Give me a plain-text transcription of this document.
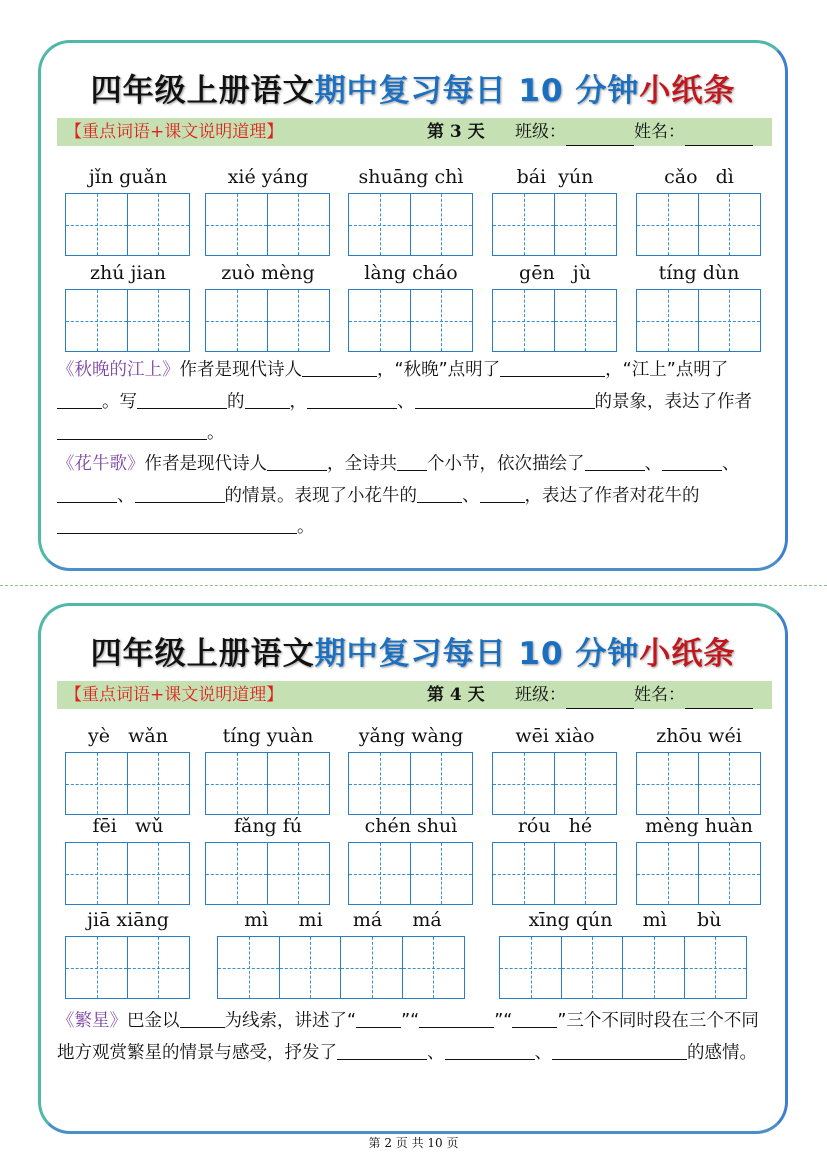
四年级上册语文期中复习每日 10 分钟小纸条
【重点词语+课文说明道理】	第 3 天 班级：	姓名：
jǐn guǎn	xié yáng	shuāng chì	bái  yún	cǎo   dì
zhú jian	zuò mèng	làng cháo	gēn   jù	tíng dùn
《秋晚的江上》作者是现代诗人	，“秋晚”点明了	，“江上”点明了。写	的	，	、	的景象，表达了作者。
《花牛歌》作者是现代诗人	，全诗共 个小节，依次描绘了	、	、、	的情景。表现了小花牛的	、	，表达了作者对花牛的。
四年级上册语文期中复习每日 10 分钟小纸条
【重点词语+课文说明道理】	第 4 天 班级：	姓名：
yè   wǎn	tíng yuàn	yǎng wàng	wēi xiào	zhōu wéi
fēi   wǔ	fǎng fú	chén shuì	róu   hé	mèng huàn
jiā xiāng	mì     mi     má     má	xīng qún     mì     bù
《繁星》巴金以	为线索，讲述了“	”“	”“	”三个不同时段在三个不同地方观赏繁星的情景与感受，抒发了	、	、	的感情。
第 2 页 共 10 页
